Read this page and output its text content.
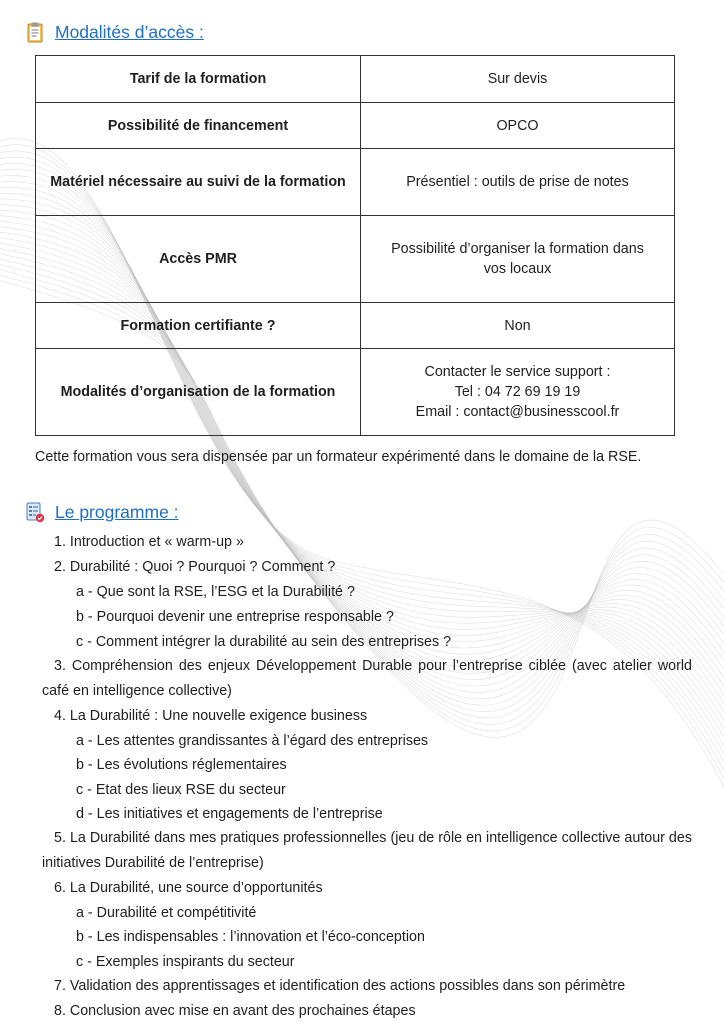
Modalités d’accès :
Tarif de la formation	Sur devis

Possibilité de financement	OPCO

Matériel nécessaire au suivi de la formation	Présentiel : outils de prise de notes

Accès PMR	Possibilité d’organiser la formation dans
vos locaux

Formation certifiante ?	Non

Modalités d’organisation de la formation	Contacter le service support :
Tel : 04 72 69 19 19
Email : contact@businesscool.fr
Cette formation vous sera dispensée par un formateur expérimenté dans le domaine de la RSE.
Le programme :
1. Introduction et « warm-up »
2. Durabilité : Quoi ? Pourquoi ? Comment ?
a - Que sont la RSE, l’ESG et la Durabilité ?
b - Pourquoi devenir une entreprise responsable ?
c - Comment intégrer la durabilité au sein des entreprises ?
3. Compréhension des enjeux Développement Durable pour l’entreprise ciblée (avec atelier world café en intelligence collective)
4. La Durabilité : Une nouvelle exigence business
a - Les attentes grandissantes à l’égard des entreprises
b - Les évolutions réglementaires
c - Etat des lieux RSE du secteur
d - Les initiatives et engagements de l’entreprise
5. La Durabilité dans mes pratiques professionnelles (jeu de rôle en intelligence collective autour des initiatives Durabilité de l’entreprise)
6. La Durabilité, une source d’opportunités
a - Durabilité et compétitivité
b - Les indispensables : l’innovation et l’éco-conception
c - Exemples inspirants du secteur
7. Validation des apprentissages et identification des actions possibles dans son périmètre
8. Conclusion avec mise en avant des prochaines étapes
